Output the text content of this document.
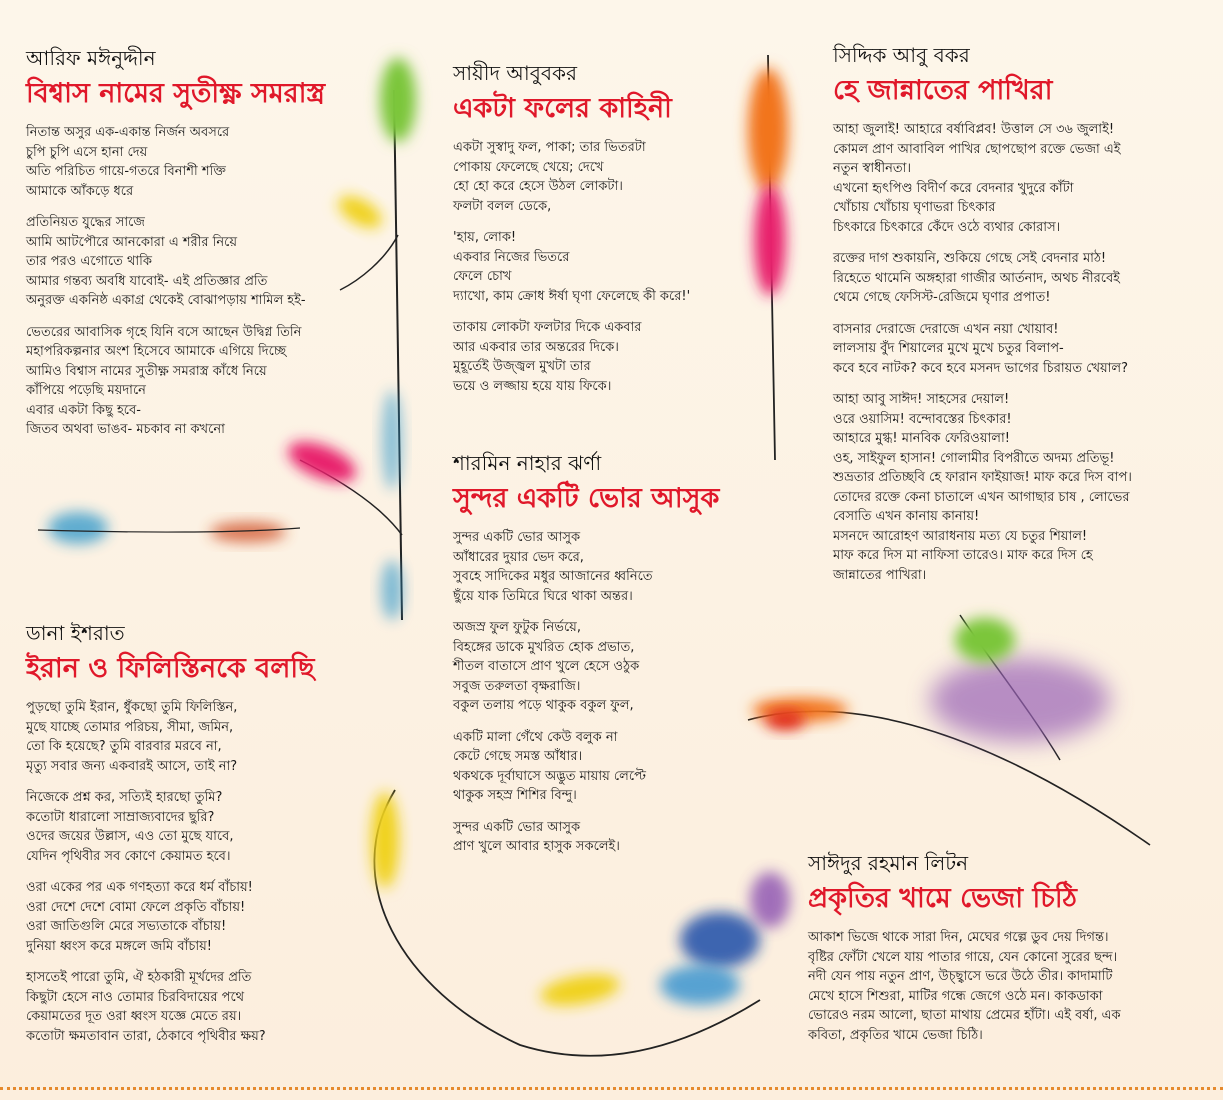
আরিফ মঈনুদ্দীন
বিশ্বাস নামের সুতীক্ষ্ণ সমরাস্ত্র
নিতান্ত অসুর এক-একান্ত নির্জন অবসরে
চুপি চুপি এসে হানা দেয়
অতি পরিচিত গায়ে-গতরে বিনাশী শক্তি
আমাকে আঁকড়ে ধরে
প্রতিনিয়ত যুদ্ধের সাজে
আমি আটপৌরে আনকোরা এ শরীর নিয়ে
তার পরও এগোতে থাকি
আমার গন্তব্য অবধি যাবোই- এই প্রতিজ্ঞার প্রতি
অনুরক্ত একনিষ্ঠ একাগ্র থেকেই বোঝাপড়ায় শামিল হই-
ভেতরের আবাসিক গৃহে যিনি বসে আছেন উদ্বিগ্ন তিনি
মহাপরিকল্পনার অংশ হিসেবে আমাকে এগিয়ে দিচ্ছে
আমিও বিশ্বাস নামের সুতীক্ষ্ণ সমরাস্ত্র কাঁধে নিয়ে
কাঁপিয়ে পড়েছি ময়দানে
এবার একটা কিছু হবে-
জিতব অথবা ভাঙব- মচকাব না কখনো
সায়ীদ আবুবকর
একটা ফলের কাহিনী
একটা সুস্বাদু ফল, পাকা; তার ভিতরটা
পোকায় ফেলেছে খেয়ে; দেখে
হো হো করে হেসে উঠল লোকটা।
ফলটা বলল ডেকে,
'হায়, লোক!
একবার নিজের ভিতরে
ফেলে চোখ
দ্যাখো, কাম ক্রোধ ঈর্ষা ঘৃণা ফেলেছে কী করে!'
তাকায় লোকটা ফলটার দিকে একবার
আর একবার তার অন্তরের দিকে।
মুহূর্তেই উজ্জ্বল মুখটা তার
ভয়ে ও লজ্জায় হয়ে যায় ফিকে।
সিদ্দিক আবু বকর
হে জান্নাতের পাখিরা
আহা জুলাই! আহারে বর্ষাবিপ্লব! উত্তাল সে ৩৬ জুলাই!
কোমল প্রাণ আবাবিল পাখির ছোপছোপ রক্তে ভেজা এই
নতুন স্বাধীনতা।
এখনো হৃৎপিণ্ড বিদীর্ণ করে বেদনার খুদুরে কাঁটা
খোঁচায় খোঁচায় ঘৃণাভরা চিৎকার
চিৎকারে চিৎকারে কেঁদে ওঠে ব্যথার কোরাস।
রক্তের দাগ শুকায়নি, শুকিয়ে গেছে সেই বেদনার মাঠ!
রিহেতে থামেনি অঙ্গহারা গাজীর আর্তনাদ, অথচ নীরবেই
থেমে গেছে ফেসিস্ট-রেজিমে ঘৃণার প্রপাত!
বাসনার দেরাজে দেরাজে এখন নয়া খোয়াব!
লালসায় বুঁদ শিয়ালের মুখে মুখে চতুর বিলাপ-
কবে হবে নাটক? কবে হবে মসনদ ভাগের চিরায়ত খেয়াল?
আহা আবু সাঈদ! সাহসের দেয়াল!
ওরে ওয়াসিম! বন্দোবস্তের চিৎকার!
আহারে মুগ্ধ! মানবিক ফেরিওয়ালা!
ওহ, সাইফুল হাসান! গোলামীর বিপরীতে অদম্য প্রতিভূ!
শুভ্রতার প্রতিচ্ছবি হে ফারান ফাইয়াজ! মাফ করে দিস বাপ।
তোদের রক্তে কেনা চাতালে এখন আগাছার চাষ , লোভের
বেসাতি এখন কানায় কানায়!
মসনদে আরোহণ আরাধনায় মত্য যে চতুর শিয়াল!
মাফ করে দিস মা নাফিসা তারেও। মাফ করে দিস হে
জান্নাতের পাখিরা।
শারমিন নাহার ঝর্ণা
সুন্দর একটি ভোর আসুক
সুন্দর একটি ভোর আসুক
আঁধারের দুয়ার ভেদ করে,
সুবহে সাদিকের মধুর আজানের ধ্বনিতে
ছুঁয়ে যাক তিমিরে ঘিরে থাকা অন্তর।
অজস্র ফুল ফুটুক নির্ভয়ে,
বিহঙ্গের ডাকে মুখরিত হোক প্রভাত,
শীতল বাতাসে প্রাণ খুলে হেসে ওঠুক
সবুজ তরুলতা বৃক্ষরাজি।
বকুল তলায় পড়ে থাকুক বকুল ফুল,
একটি মালা গেঁথে কেউ বলুক না
কেটে গেছে সমস্ত আঁধার।
থকথকে দূর্বাঘাসে অদ্ভুত মায়ায় লেপ্টে
থাকুক সহস্র শিশির বিন্দু।
সুন্দর একটি ভোর আসুক
প্রাণ খুলে আবার হাসুক সকলেই।
ডানা ইশরাত
ইরান ও ফিলিস্তিনকে বলছি
পুড়ছো তুমি ইরান, ধুঁকছো তুমি ফিলিস্তিন,
মুছে যাচ্ছে তোমার পরিচয়, সীমা, জমিন,
তো কি হয়েছে? তুমি বারবার মরবে না,
মৃত্যু সবার জন্য একবারই আসে, তাই না?
নিজেকে প্রশ্ন কর, সত্যিই হারছো তুমি?
কতোটা ধারালো সাম্রাজ্যবাদের ছুরি?
ওদের জয়ের উল্লাস, এও তো মুছে যাবে,
যেদিন পৃথিবীর সব কোণে কেয়ামত হবে।
ওরা একের পর এক গণহত্যা করে ধর্ম বাঁচায়!
ওরা দেশে দেশে বোমা ফেলে প্রকৃতি বাঁচায়!
ওরা জাতিগুলি মেরে সভ্যতাকে বাঁচায়!
দুনিয়া ধ্বংস করে মঙ্গলে জমি বাঁচায়!
হাসতেই পারো তুমি, ঐ হঠকারী মূর্খদের প্রতি
কিছুটা হেসে নাও তোমার চিরবিদায়ের পথে
কেয়ামতের দূত ওরা ধ্বংস যজ্ঞে মেতে রয়।
কতোটা ক্ষমতাবান তারা, ঠেকাবে পৃথিবীর ক্ষয়?
সাঈদুর রহমান লিটন
প্রকৃতির খামে ভেজা চিঠি
আকাশ ভিজে থাকে সারা দিন, মেঘের গল্পে ডুব দেয় দিগন্ত।
বৃষ্টির ফোঁটা খেলে যায় পাতার গায়ে, যেন কোনো সুরের ছন্দ।
নদী যেন পায় নতুন প্রাণ, উচ্ছ্বাসে ভরে উঠে তীর। কাদামাটি
মেখে হাসে শিশুরা, মাটির গন্ধে জেগে ওঠে মন। কাকডাকা
ভোরেও নরম আলো, ছাতা মাথায় প্রেমের হাঁটা। এই বর্ষা, এক
কবিতা, প্রকৃতির খামে ভেজা চিঠি।
